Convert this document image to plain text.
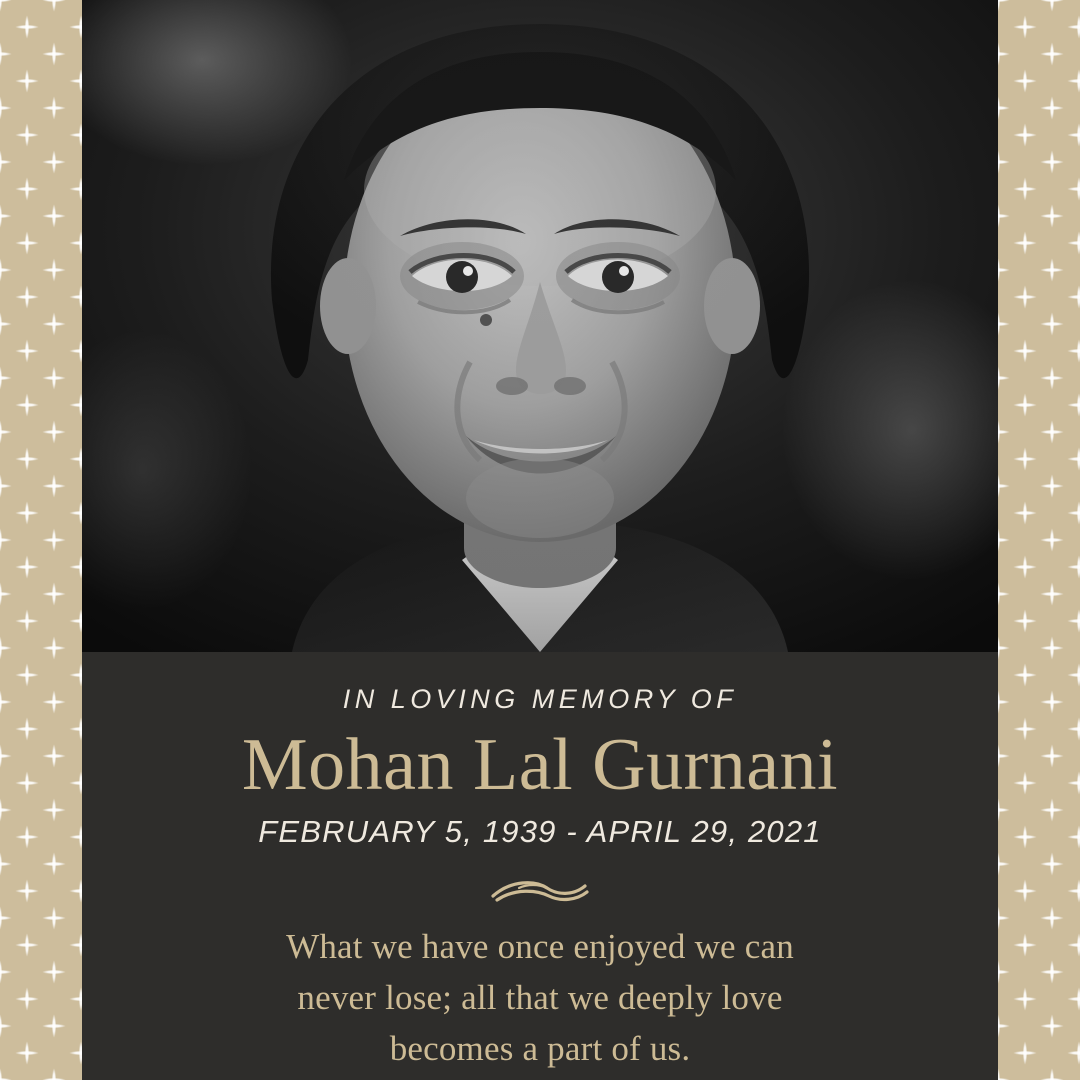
IN LOVING MEMORY OF

Mohan Lal Gurnani

FEBRUARY 5, 1939 - APRIL 29, 2021

What we have once enjoyed we can
never lose; all that we deeply love
becomes a part of us.
